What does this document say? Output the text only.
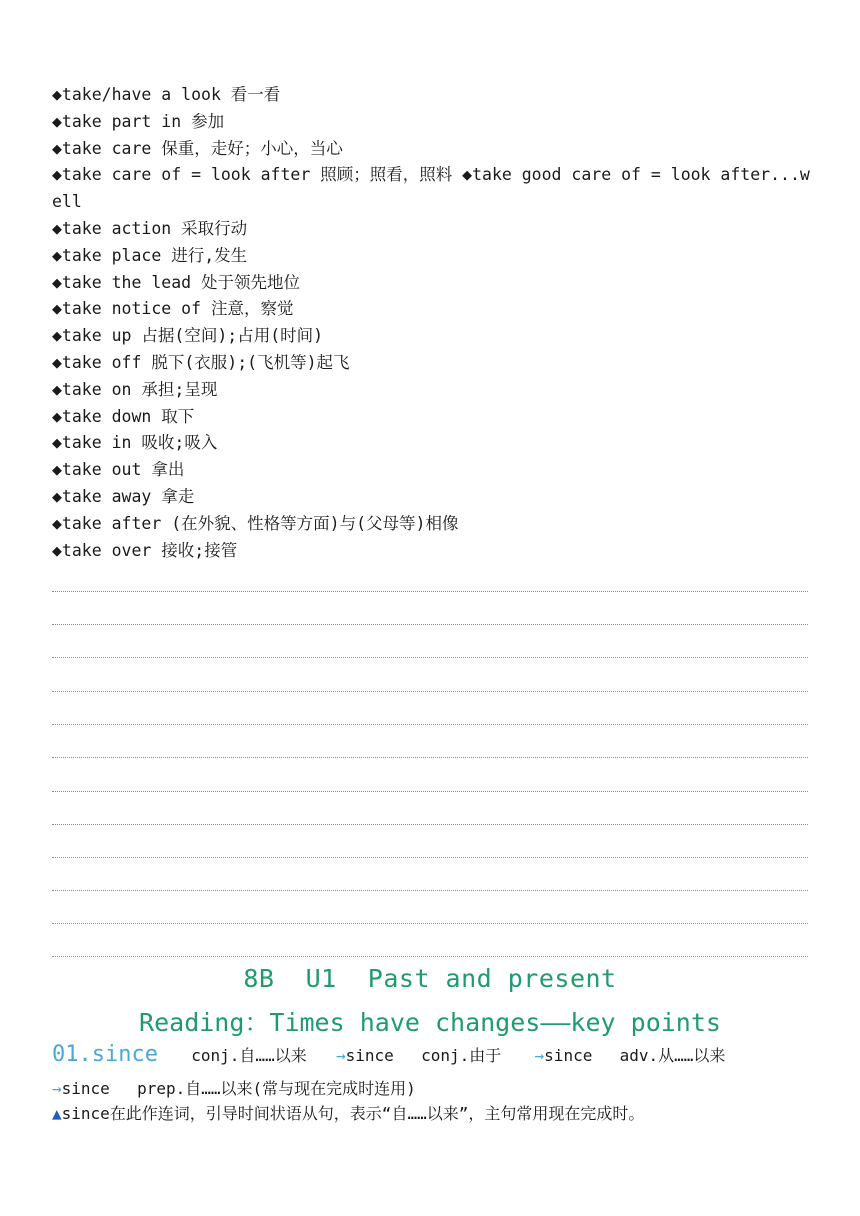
◆take/have a look 看一看
◆take part in 参加
◆take care 保重，走好；小心，当心
◆take care of = look after 照顾；照看，照料 ◆take good care of = look after...well
◆take action 采取行动
◆take place 进行,发生
◆take the lead 处于领先地位
◆take notice of 注意，察觉
◆take up 占据(空间);占用(时间)
◆take off 脱下(衣服);(飞机等)起飞
◆take on 承担;呈现
◆take down 取下
◆take in 吸收;吸入
◆take out 拿出
◆take away 拿走
◆take after (在外貌、性格等方面)与(父母等)相像
◆take over 接收;接管
8B  U1  Past and present
Reading：Times have changes——key points
01.since conj.自……以来 →since conj.由于 →since adv.从……以来
→since prep.自……以来(常与现在完成时连用)
▲since在此作连词，引导时间状语从句，表示“自……以来”，主句常用现在完成时。
